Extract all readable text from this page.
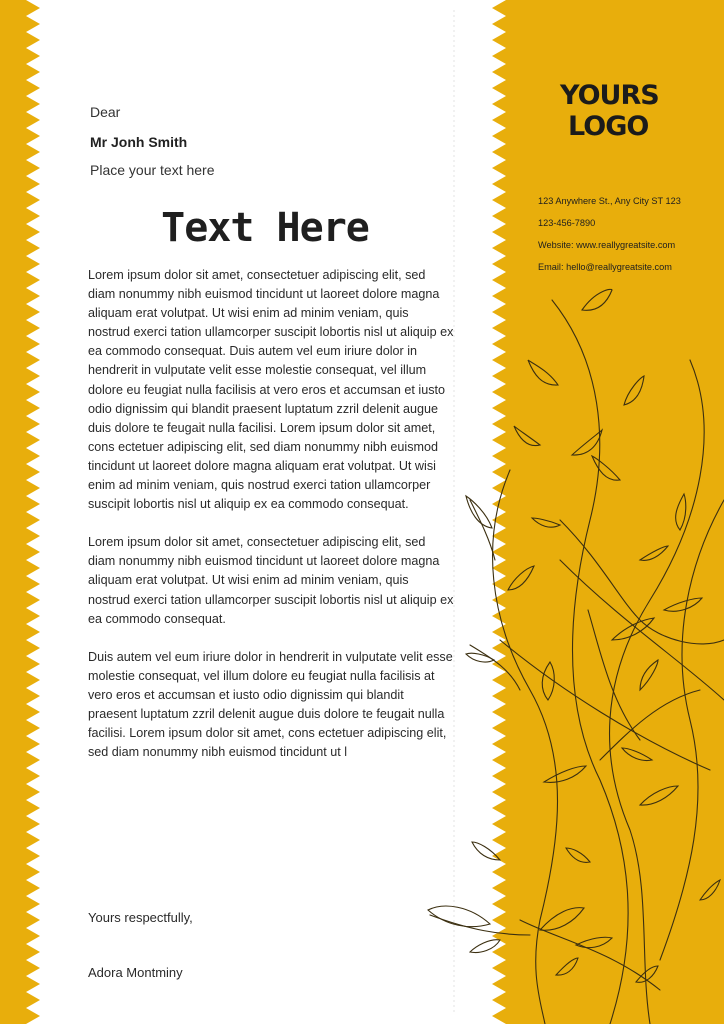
Dear
Mr Jonh Smith
Place your text here
Text Here

Lorem ipsum dolor sit amet, consectetuer adipiscing elit, sed diam nonummy nibh euismod tincidunt ut laoreet dolore magna aliquam erat volutpat. Ut wisi enim ad minim veniam, quis nostrud exerci tation ullamcorper suscipit lobortis nisl ut aliquip ex ea commodo consequat. Duis autem vel eum iriure dolor in hendrerit in vulputate velit esse molestie consequat, vel illum dolore eu feugiat nulla facilisis at vero eros et accumsan et iusto odio dignissim qui blandit praesent luptatum zzril delenit augue duis dolore te feugait nulla facilisi. Lorem ipsum dolor sit amet, cons ectetuer adipiscing elit, sed diam nonummy nibh euismod tincidunt ut laoreet dolore magna aliquam erat volutpat. Ut wisi enim ad minim veniam, quis nostrud exerci tation ullamcorper suscipit lobortis nisl ut aliquip ex ea commodo consequat.

Lorem ipsum dolor sit amet, consectetuer adipiscing elit, sed diam nonummy nibh euismod tincidunt ut laoreet dolore magna aliquam erat volutpat. Ut wisi enim ad minim veniam, quis nostrud exerci tation ullamcorper suscipit lobortis nisl ut aliquip ex ea commodo consequat.

Duis autem vel eum iriure dolor in hendrerit in vulputate velit esse molestie consequat, vel illum dolore eu feugiat nulla facilisis at vero eros et accumsan et iusto odio dignissim qui blandit praesent luptatum zzril delenit augue duis dolore te feugait nulla facilisi. Lorem ipsum dolor sit amet, cons ectetuer adipiscing elit, sed diam nonummy nibh euismod tincidunt ut l

Yours respectfully,
Adora Montminy
YOURS
LOGO
123 Anywhere St., Any City ST 123
123-456-7890
Website: www.reallygreatsite.com
Email: hello@reallygreatsite.com
